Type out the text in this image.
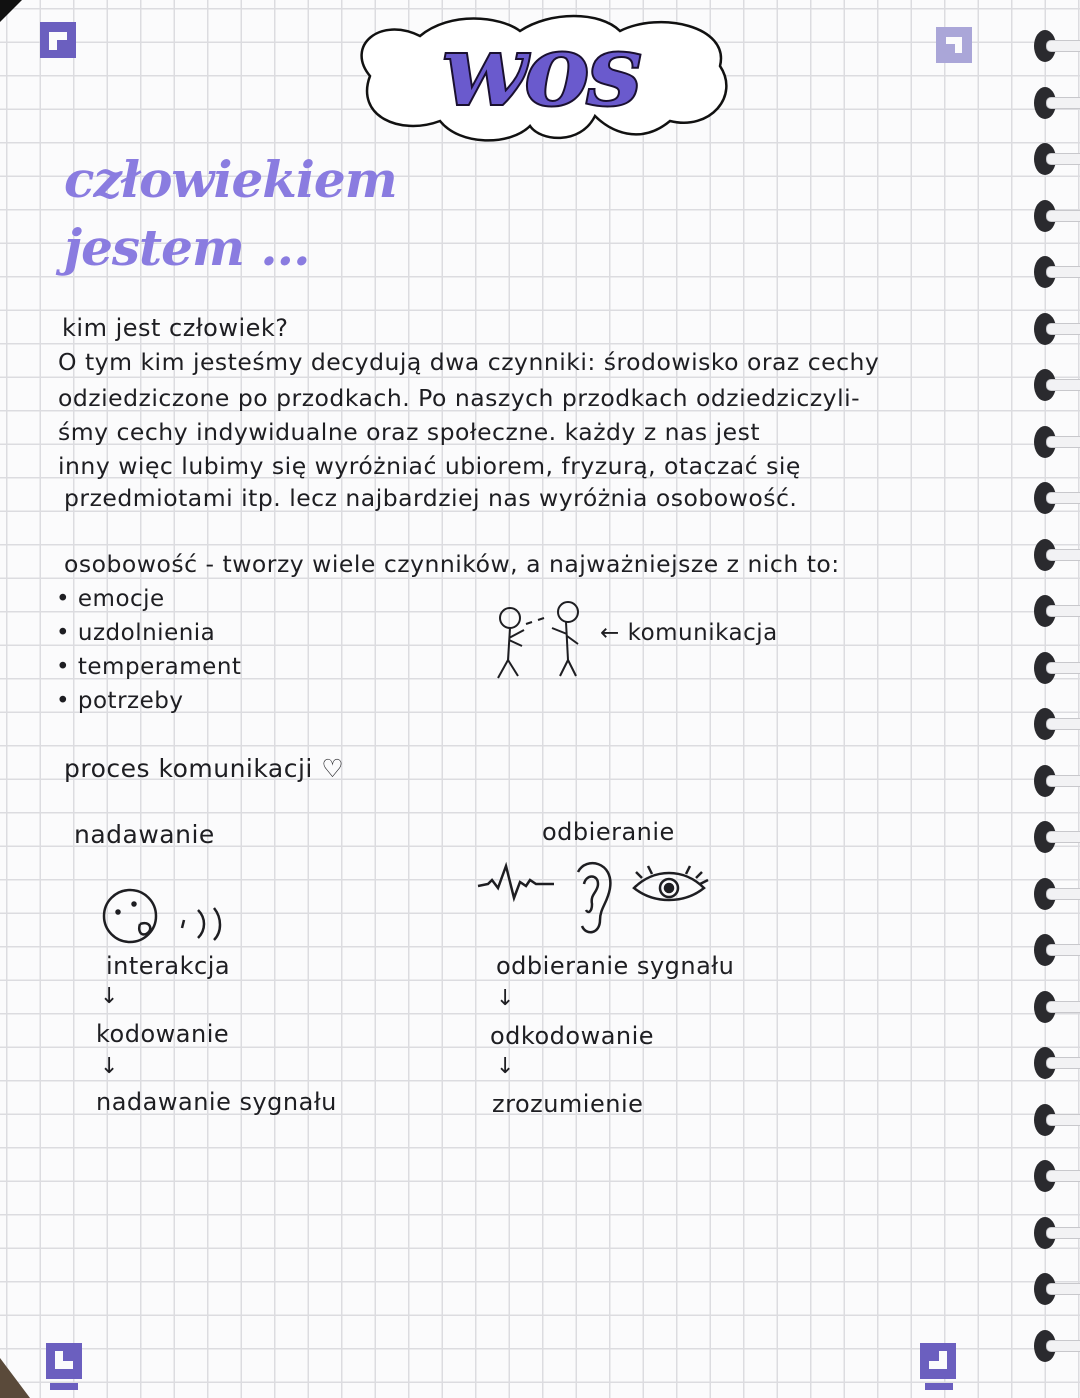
wos
człowiekiem
jestem ...
kim jest człowiek?
O tym kim jesteśmy decydują dwa czynniki: środowisko oraz cechy
odziedziczone po przodkach. Po naszych przodkach odziedziczyli-
śmy cechy indywidualne oraz społeczne. każdy z nas jest
inny więc lubimy się wyróżniać ubiorem, fryzurą, otaczać się
przedmiotami itp. lecz najbardziej nas wyróżnia osobowość.
osobowość - tworzy wiele czynników, a najważniejsze z nich to:
• emocje
• uzdolnienia
• temperament
• potrzeby
← komunikacja
proces komunikacji ♡
nadawanie	odbieranie
interakcja
↓
kodowanie
↓
nadawanie sygnału
odbieranie sygnału
↓
odkodowanie
↓
zrozumienie
